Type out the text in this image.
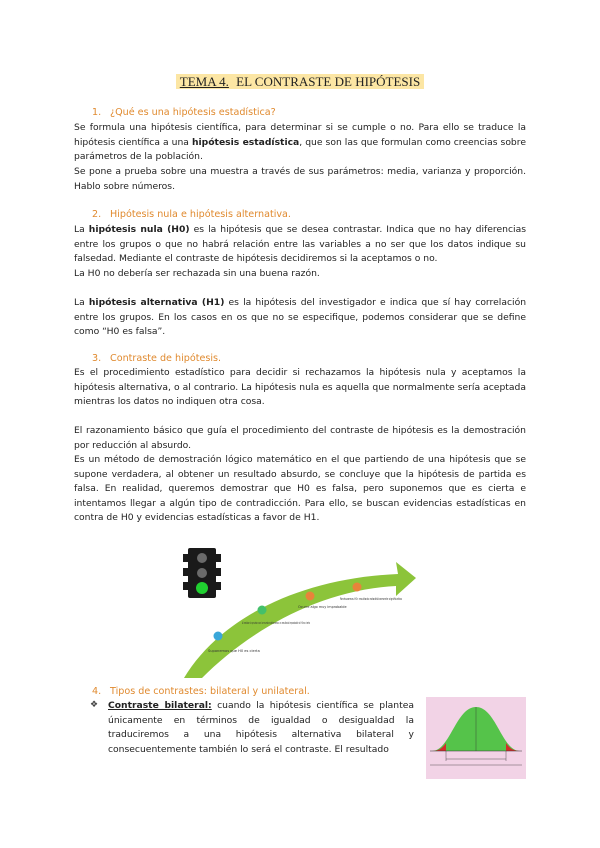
TEMA 4. EL CONTRASTE DE HIPÓTESIS
1. ¿Qué es una hipótesis estadística?

Se formula una hipótesis científica, para determinar si se cumple o no. Para ello se traduce la hipótesis científica a una hipótesis estadística, que son las que formulan como creencias sobre parámetros de la población.

Se pone a prueba sobre una muestra a través de sus parámetros: media, varianza y proporción. Hablo sobre números.

2. Hipótesis nula e hipótesis alternativa.

La hipótesis nula (H0) es la hipótesis que se desea contrastar. Indica que no hay diferencias entre los grupos o que no habrá relación entre las variables a no ser que los datos indique su falsedad. Mediante el contraste de hipótesis decidiremos si la aceptamos o no.

La H0 no debería ser rechazada sin una buena razón.

La hipótesis alternativa (H1) es la hipótesis del investigador e indica que sí hay correlación entre los grupos. En los casos en os que no se especifique, podemos considerar que se define como “H0 es falsa”.

3. Contraste de hipótesis.

Es el procedimiento estadístico para decidir si rechazamos la hipótesis nula y aceptamos la hipótesis alternativa, o al contrario. La hipótesis nula es aquella que normalmente sería aceptada mientras los datos no indiquen otra cosa.

El razonamiento básico que guía el procedimiento del contraste de hipótesis es la demostración por reducción al absurdo.

Es un método de demostración lógico matemático en el que partiendo de una hipótesis que se supone verdadera, al obtener un resultado absurdo, se concluye que la hipótesis de partida es falsa. En realidad, queremos demostrar que H0 es falsa, pero suponemos que es cierta e intentamos llegar a algún tipo de contradicción. Para ello, se buscan evidencias estadísticas en contra de H0 y evidencias estadísticas a favor de H1.

Suponemos que H0 es cierta
Al realizar la prueba con la muestra obtenemos un resultado improbable si H0 es cierta
Ocurre algo muy improbable
Rechazamos H0: resultado estadísticamente significativo
4. Tipos de contrastes: bilateral y unilateral.
❖ Contraste bilateral: cuando la hipótesis científica se plantea únicamente en términos de igualdad o desigualdad la traduciremos a una hipótesis alternativa bilateral y consecuentemente también lo será el contraste. El resultado
